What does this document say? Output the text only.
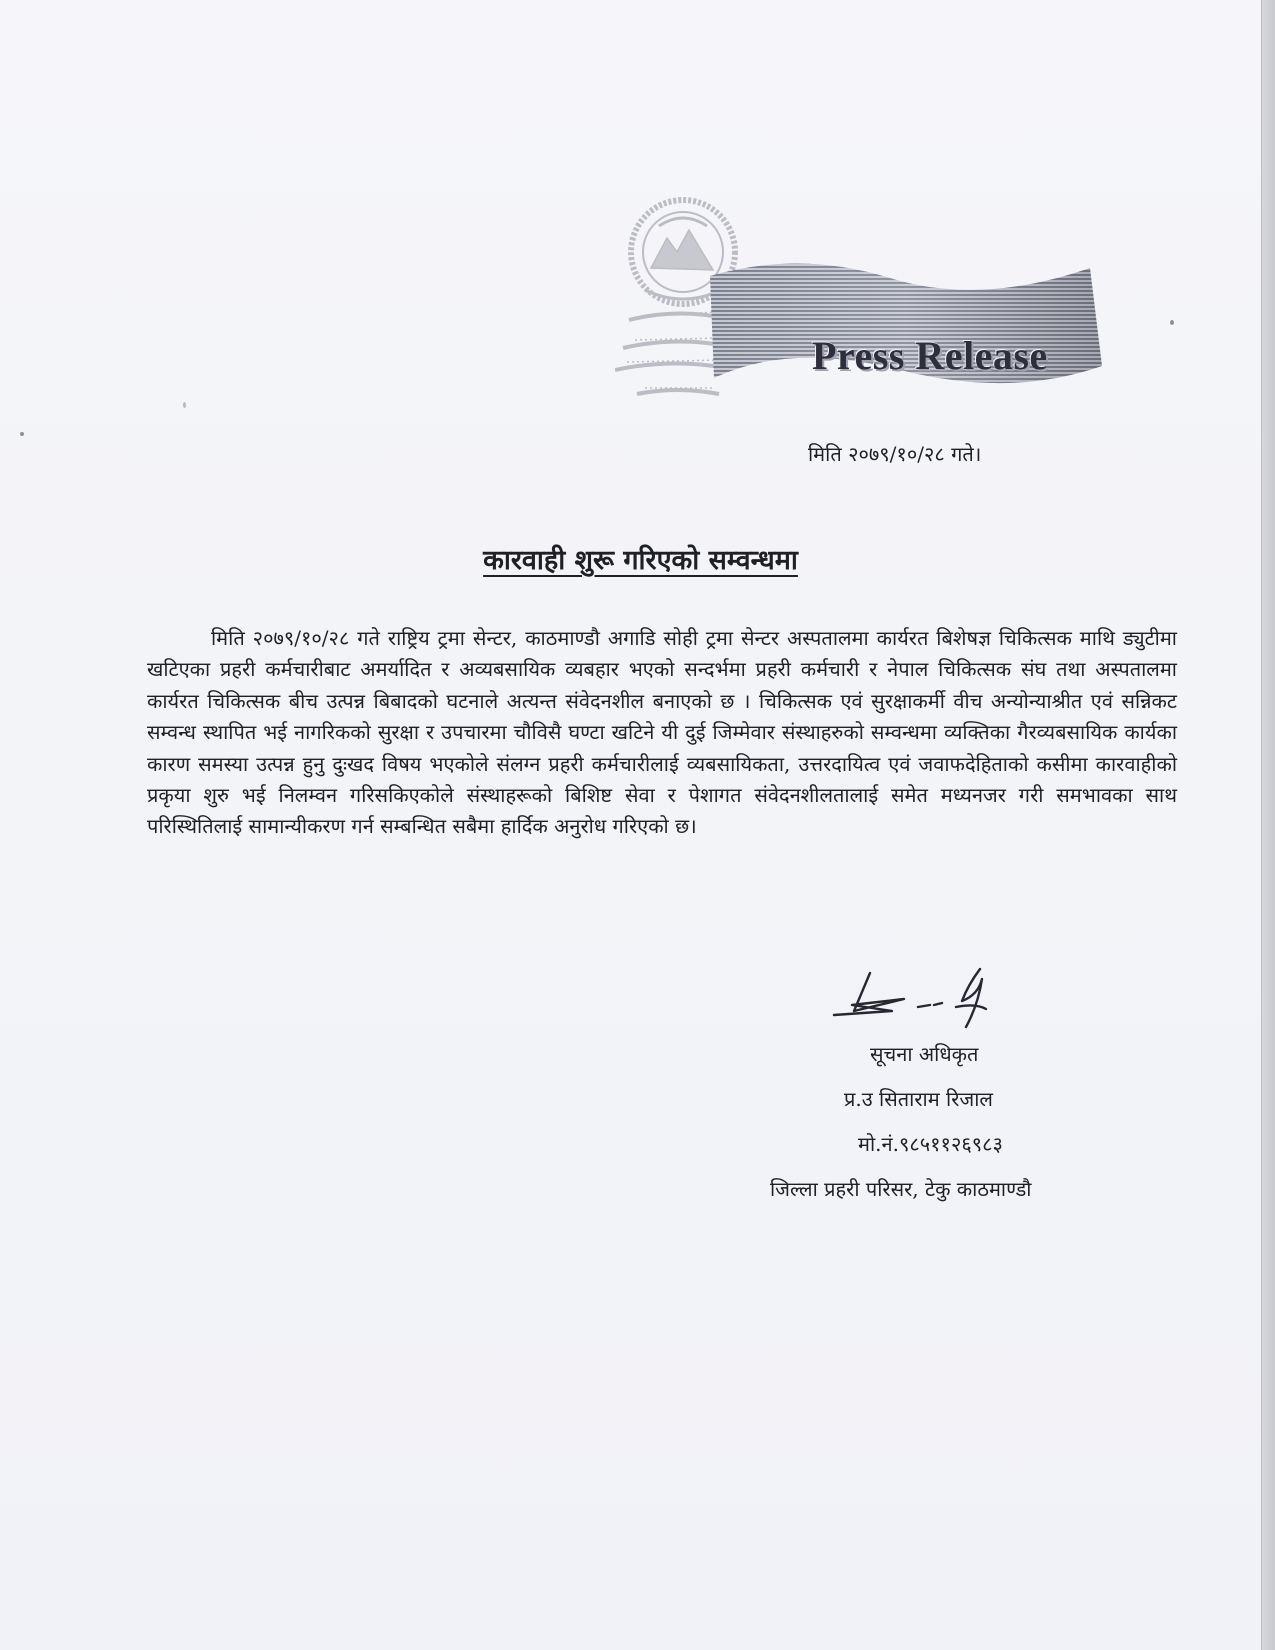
Press Release
मिति २०७९/१०/२८ गते।
कारवाही शुरू गरिएको सम्वन्धमा

मिति २०७९/१०/२८ गते राष्ट्रिय ट्रमा सेन्टर, काठमाण्डौ अगाडि सोही ट्रमा सेन्टर अस्पतालमा कार्यरत बिशेषज्ञ चिकित्सक माथि ड्युटीमा खटिएका प्रहरी कर्मचारीबाट अमर्यादित र अव्यबसायिक व्यबहार भएको सन्दर्भमा प्रहरी कर्मचारी र नेपाल चिकित्सक संघ तथा अस्पतालमा कार्यरत चिकित्सक बीच उत्पन्न बिबादको घटनाले अत्यन्त संवेदनशील बनाएको छ । चिकित्सक एवं सुरक्षाकर्मी वीच अन्योन्याश्रीत एवं सन्निकट सम्वन्ध स्थापित भई नागरिकको सुरक्षा र उपचारमा चौविसै घण्टा खटिने यी दुई जिम्मेवार संस्थाहरुको सम्वन्धमा व्यक्तिका गैरव्यबसायिक कार्यका कारण समस्या उत्पन्न हुनु दुःखद विषय भएकोले संलग्न प्रहरी कर्मचारीलाई व्यबसायिकता, उत्तरदायित्व एवं जवाफदेहिताको कसीमा कारवाहीको प्रकृया शुरु भई निलम्वन गरिसकिएकोले संस्थाहरूको बिशिष्ट सेवा र पेशागत संवेदनशीलतालाई समेत मध्यनजर गरी समभावका साथ परिस्थितिलाई सामान्यीकरण गर्न सम्बन्धित सबैमा हार्दिक अनुरोध गरिएको छ।

सूचना अधिकृत
प्र.उ सिताराम रिजाल
मो.नं.९८५११२६९८३
जिल्ला प्रहरी परिसर, टेकु काठमाण्डौ
